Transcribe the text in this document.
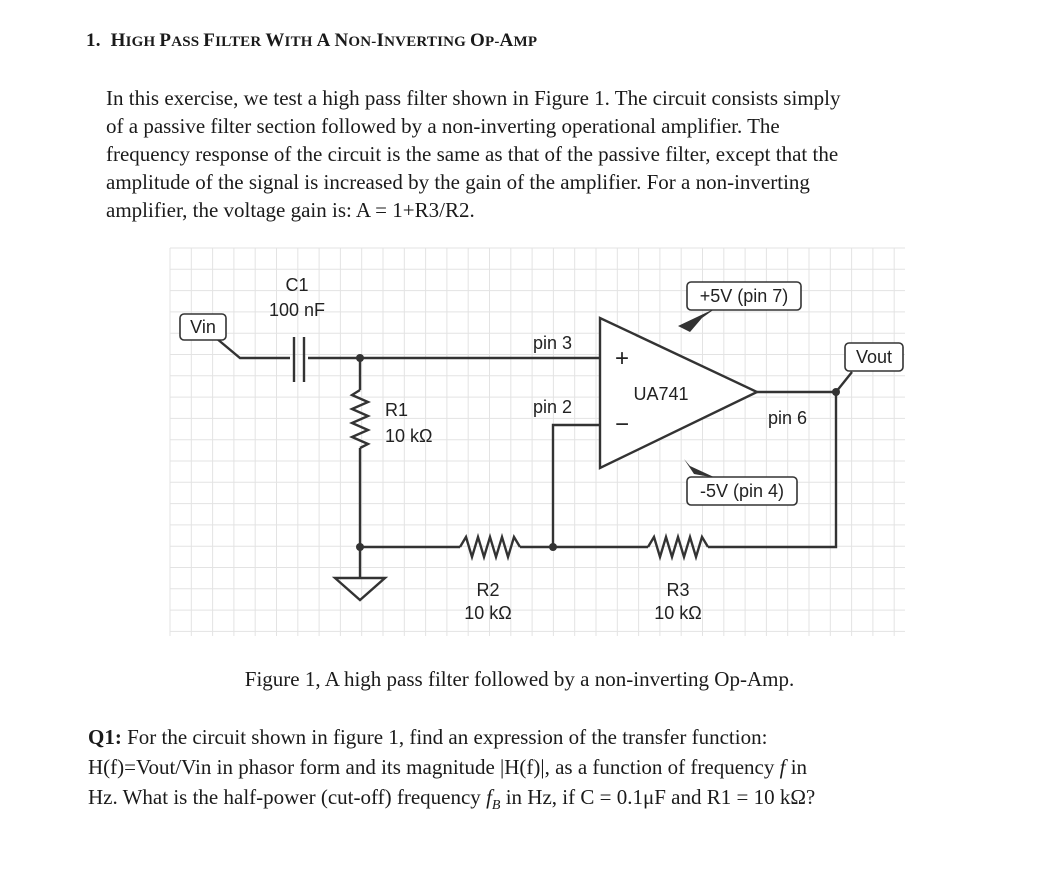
1. HIGH PASS FILTER WITH A NON-INVERTING OP-AMP

In this exercise, we test a high pass filter shown in Figure 1. The circuit consists simply

of a passive filter section followed by a non-inverting operational amplifier. The

frequency response of the circuit is the same as that of the passive filter, except that the

amplitude of the signal is increased by the gain of the amplifier. For a non-inverting

amplifier, the voltage gain is: A = 1+R3/R2.

+
−
Vin
C1
100 nF
R1
10 kΩ
pin 3
pin 2
UA741
+5V (pin 7)
-5V (pin 4)
pin 6
Vout
R2
10 kΩ
R3
10 kΩ
Figure 1, A high pass filter followed by a non-inverting Op-Amp.

Q1: For the circuit shown in figure 1, find an expression of the transfer function:

H(f)=Vout/Vin in phasor form and its magnitude |H(f)|, as a function of frequency f in

Hz. What is the half-power (cut-off) frequency $f_B$ in Hz, if C = 0.1μF and R1 = 10 kΩ?
